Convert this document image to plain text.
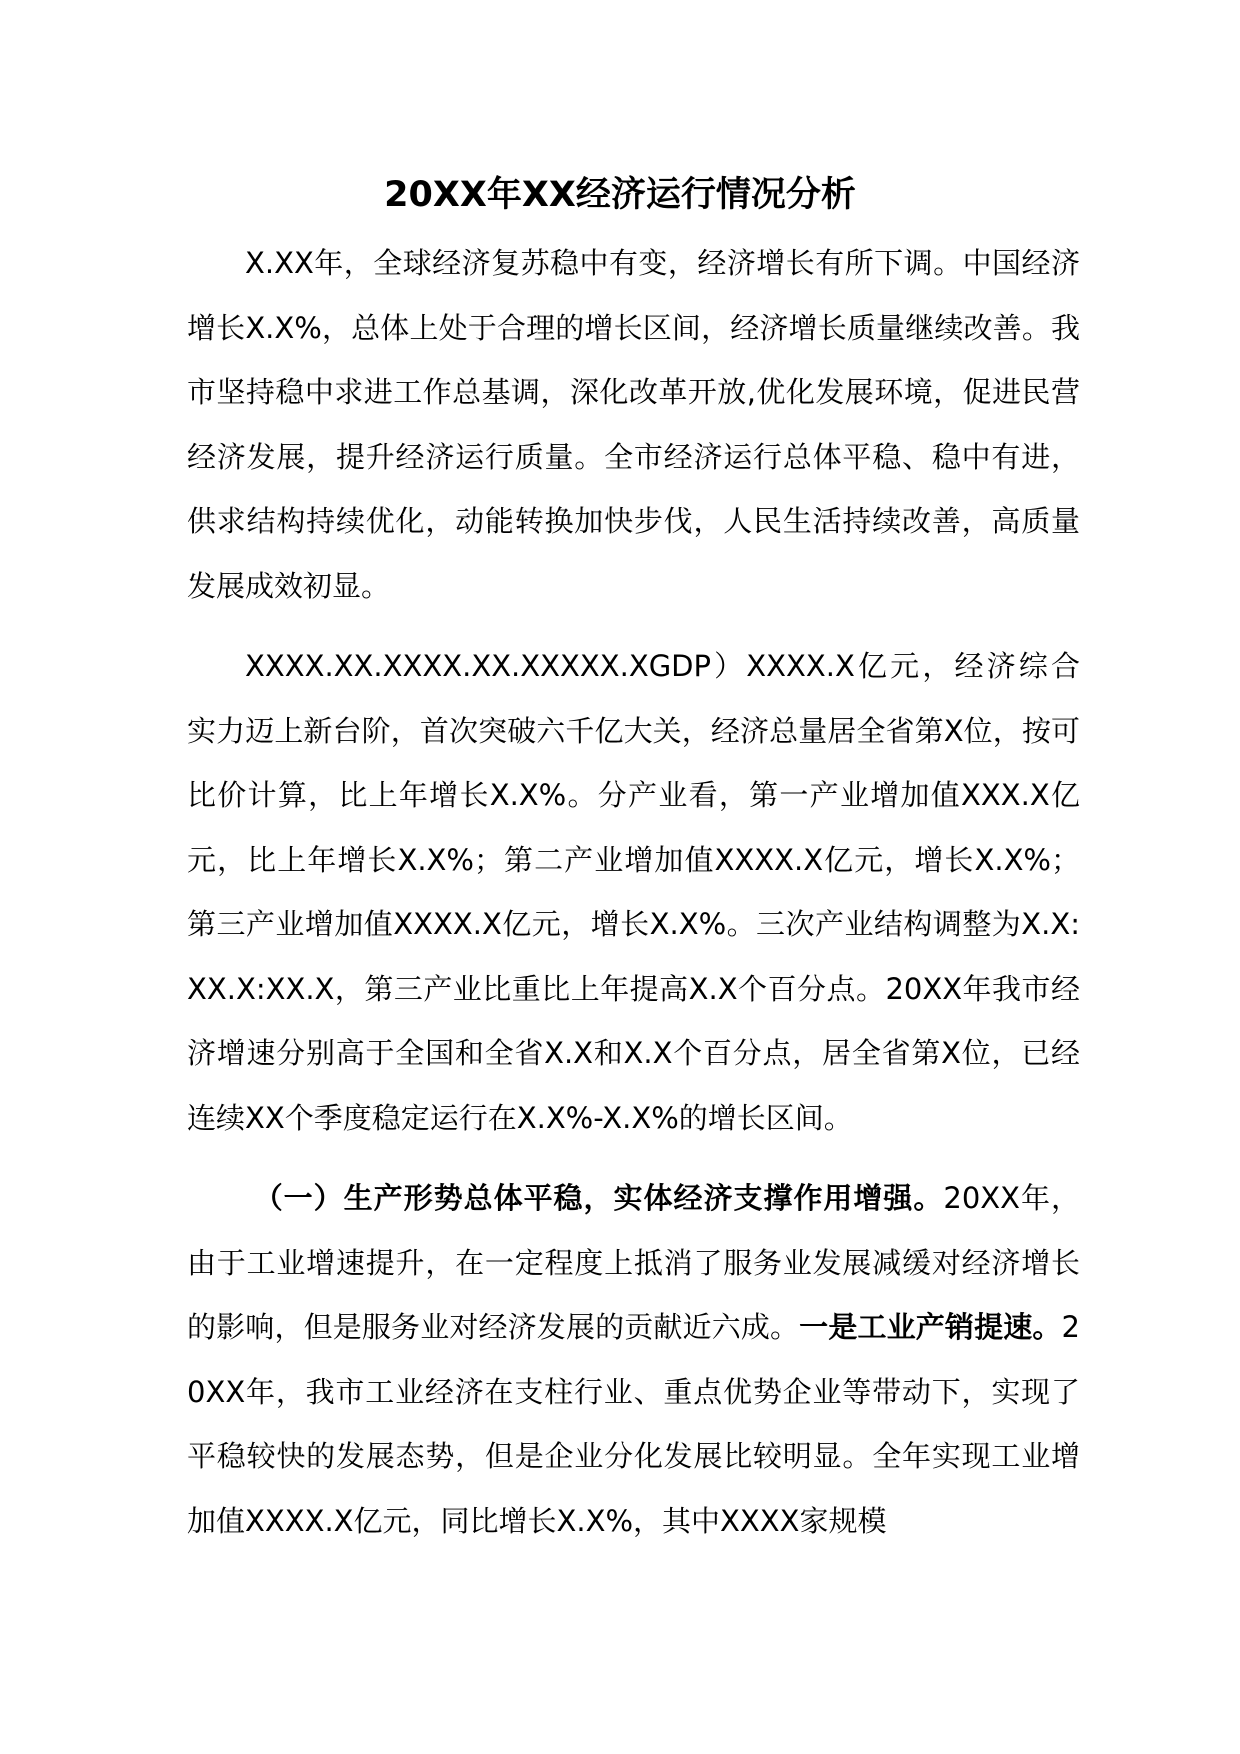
20XX年XX经济运行情况分析

X.XX年，全球经济复苏稳中有变，经济增长有所下调。中国经济增长X.X%，总体上处于合理的增长区间，经济增长质量继续改善。我市坚持稳中求进工作总基调，深化改革开放,优化发展环境，促进民营经济发展，提升经济运行质量。全市经济运行总体平稳、稳中有进，供求结构持续优化，动能转换加快步伐，人民生活持续改善，高质量发展成效初显。

XXXX.XX.XXXX.XX.XXXXX.XGDP）XXXX.X亿元，经济综合实力迈上新台阶，首次突破六千亿大关，经济总量居全省第X位，按可比价计算，比上年增长X.X%。分产业看，第一产业增加值XXX.X亿元，比上年增长X.X%；第二产业增加值XXXX.X亿元，增长X.X%；第三产业增加值XXXX.X亿元，增长X.X%。三次产业结构调整为X.X:XX.X:XX.X，第三产业比重比上年提高X.X个百分点。20XX年我市经济增速分别高于全国和全省X.X和X.X个百分点，居全省第X位，已经连续XX个季度稳定运行在X.X%-X.X%的增长区间。

（一）生产形势总体平稳，实体经济支撑作用增强。20XX年，由于工业增速提升，在一定程度上抵消了服务业发展减缓对经济增长的影响，但是服务业对经济发展的贡献近六成。一是工业产销提速。20XX年，我市工业经济在支柱行业、重点优势企业等带动下，实现了平稳较快的发展态势，但是企业分化发展比较明显。全年实现工业增加值XXXX.X亿元，同比增长X.X%，其中XXXX家规模
